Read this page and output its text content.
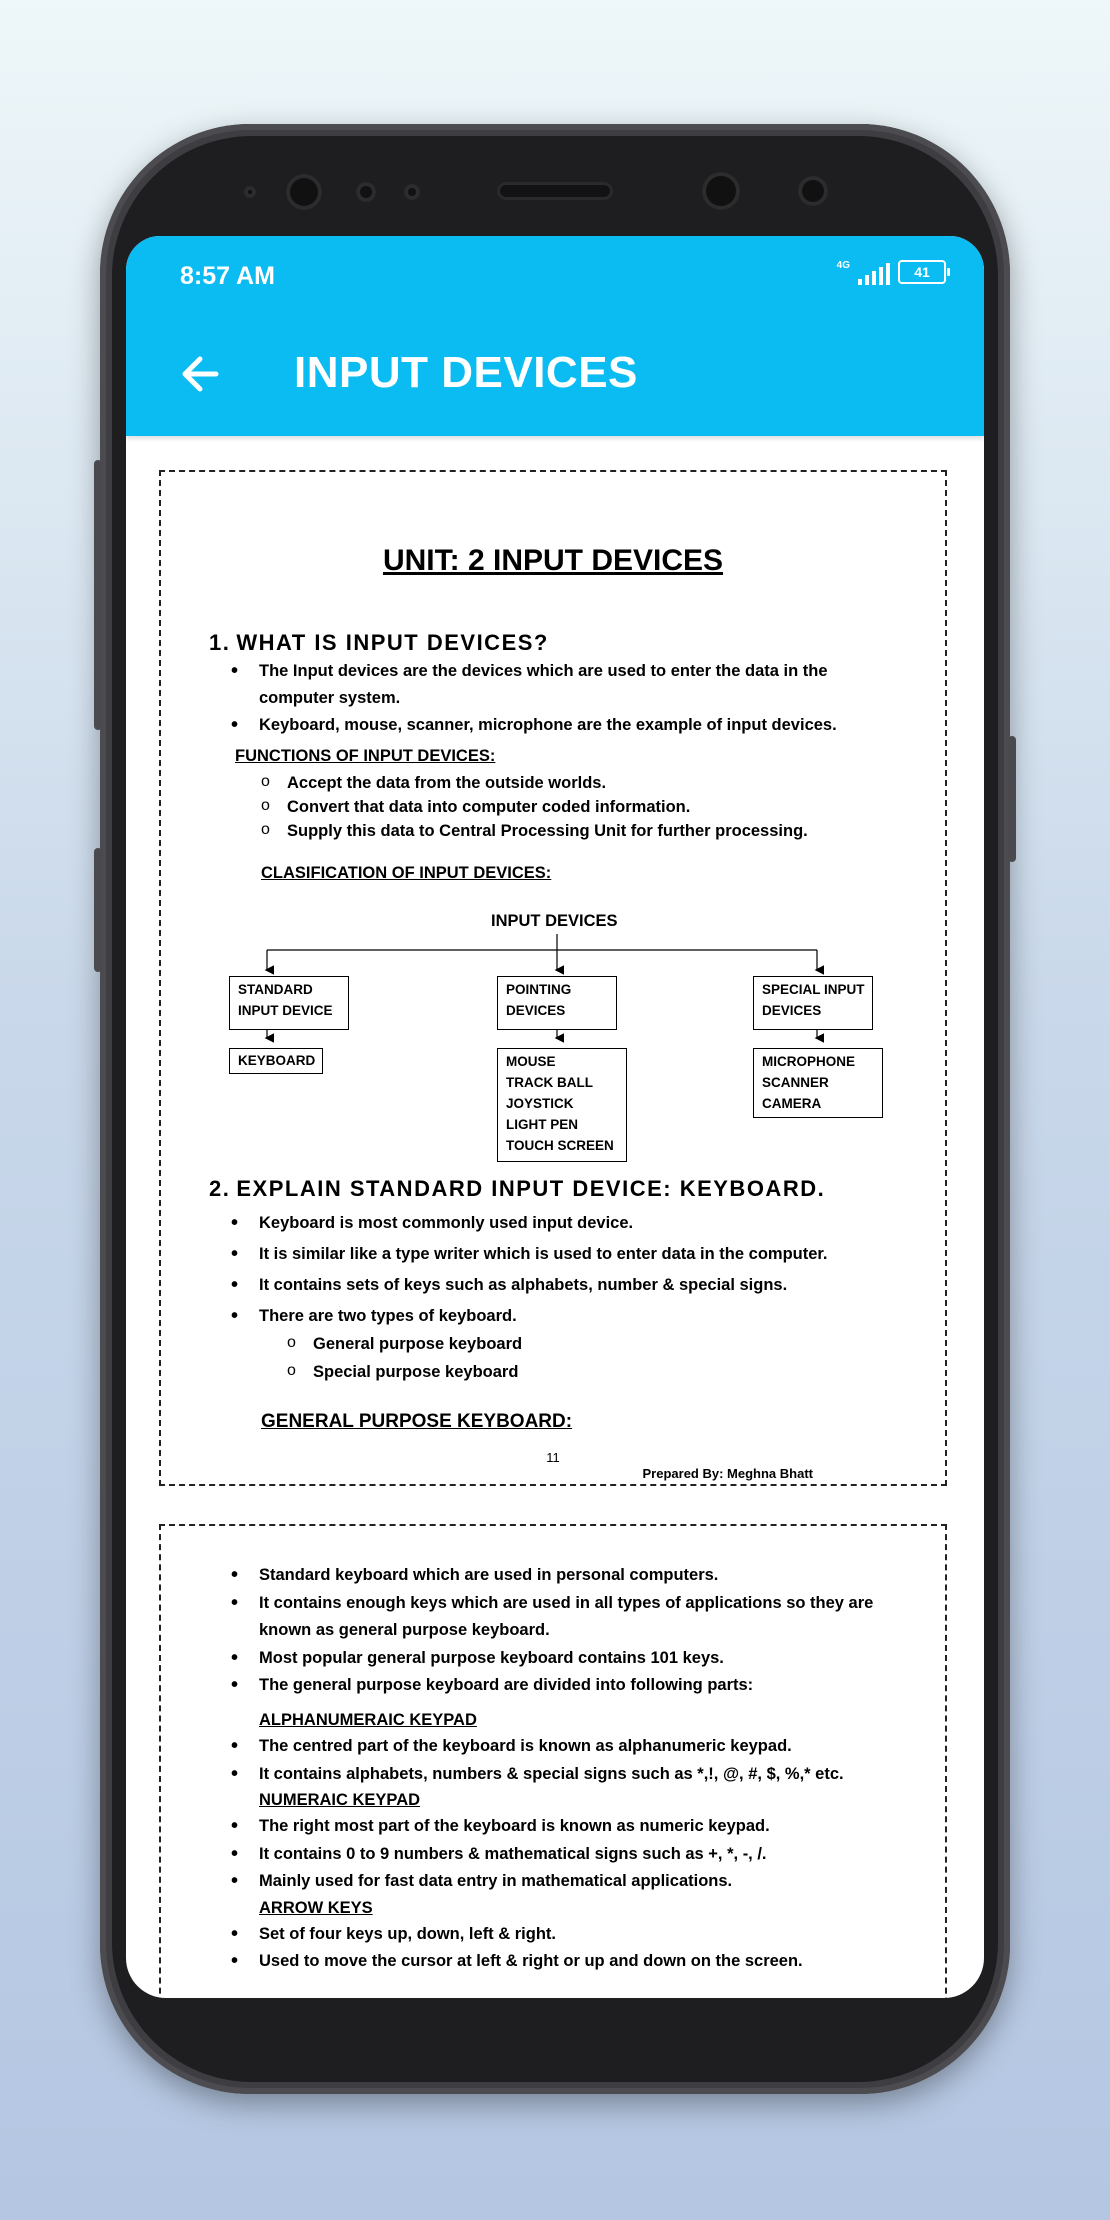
8:57 AM	4G	41
INPUT DEVICES
UNIT: 2 INPUT DEVICES
1. WHAT IS INPUT DEVICES?
• The Input devices are the devices which are used to enter the data in the computer system.
• Keyboard, mouse, scanner, microphone are the example of input devices.
FUNCTIONS OF INPUT DEVICES:
o Accept the data from the outside worlds.
o Convert that data into computer coded information.
o Supply this data to Central Processing Unit for further processing.
CLASIFICATION OF INPUT DEVICES:
INPUT DEVICES
STANDARD
INPUT DEVICE
KEYBOARD
POINTING
DEVICES
MOUSE
TRACK BALL
JOYSTICK
LIGHT PEN
TOUCH SCREEN
SPECIAL INPUT
DEVICES
MICROPHONE
SCANNER
CAMERA
2. EXPLAIN STANDARD INPUT DEVICE: KEYBOARD.
• Keyboard is most commonly used input device.
• It is similar like a type writer which is used to enter data in the computer.
• It contains sets of keys such as alphabets, number & special signs.
• There are two types of keyboard.
o General purpose keyboard
o Special purpose keyboard
GENERAL PURPOSE KEYBOARD:
11
Prepared By: Meghna Bhatt
• Standard keyboard which are used in personal computers.
• It contains enough keys which are used in all types of applications so they are known as general purpose keyboard.
• Most popular general purpose keyboard contains 101 keys.
• The general purpose keyboard are divided into following parts:
ALPHANUMERAIC KEYPAD
• The centred part of the keyboard is known as alphanumeric keypad.
• It contains alphabets, numbers & special signs such as *,!, @, #, $, %,* etc.
NUMERAIC KEYPAD
• The right most part of the keyboard is known as numeric keypad.
• It contains 0 to 9 numbers & mathematical signs such as +, *, -, /.
• Mainly used for fast data entry in mathematical applications.
ARROW KEYS
• Set of four keys up, down, left & right.
• Used to move the cursor at left & right or up and down on the screen.
